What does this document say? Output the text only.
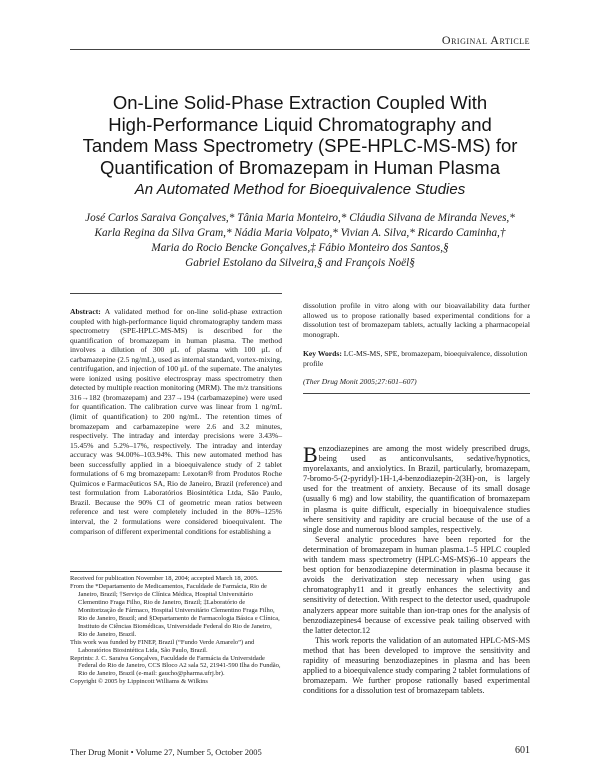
Original Article
On-Line Solid-Phase Extraction Coupled With
High-Performance Liquid Chromatography and
Tandem Mass Spectrometry (SPE-HPLC-MS-MS) for
Quantification of Bromazepam in Human Plasma
An Automated Method for Bioequivalence Studies
José Carlos Saraiva Gonçalves,* Tânia Maria Monteiro,* Cláudia Silvana de Miranda Neves,*
Karla Regina da Silva Gram,* Nádia Maria Volpato,* Vivian A. Silva,* Ricardo Caminha,†
Maria do Rocio Bencke Gonçalves,‡ Fábio Monteiro dos Santos,§
Gabriel Estolano da Silveira,§ and François Noël§
Abstract: A validated method for on-line solid-phase extraction coupled with high-performance liquid chromatography tandem mass spectrometry (SPE-HPLC-MS-MS) is described for the quantification of bromazepam in human plasma. The method involves a dilution of 300 μL of plasma with 100 μL of carbamazepine (2.5 ng/mL), used as internal standard, vortex-mixing, centrifugation, and injection of 100 μL of the supernate. The analytes were ionized using positive electrospray mass spectrometry then detected by multiple reaction monitoring (MRM). The m/z transitions 316→182 (bromazepam) and 237→194 (carbamazepine) were used for quantification. The calibration curve was linear from 1 ng/mL (limit of quantification) to 200 ng/mL. The retention times of bromazepam and carbamazepine were 2.6 and 3.2 minutes, respectively. The intraday and interday precisions were 3.43%–15.45% and 5.2%–17%, respectively. The intraday and interday accuracy was 94.00%–103.94%. This new automated method has been successfully applied in a bioequivalence study of 2 tablet formulations of 6 mg bromazepam: Lexotan® from Produtos Roche Químicos e Farmacêuticos SA, Rio de Janeiro, Brazil (reference) and test formulation from Laboratórios Biosintética Ltda, São Paulo, Brazil. Because the 90% CI of geometric mean ratios between reference and test were completely included in the 80%–125% interval, the 2 formulations were considered bioequivalent. The comparison of different experimental conditions for establishing a
dissolution profile in vitro along with our bioavailability data further allowed us to propose rationally based experimental conditions for a dissolution test of bromazepam tablets, actually lacking a pharmacopeial monograph.
Key Words: LC-MS-MS, SPE, bromazepam, bioequivalence, dissolution profile
(Ther Drug Monit 2005;27:601–607)

Benzodiazepines are among the most widely prescribed drugs, being used as anticonvulsants, sedative/hypnotics, myorelaxants, and anxiolytics. In Brazil, particularly, bromazepam, 7-bromo-5-(2-pyridyl)-1H-1,4-benzodiazepin-2(3H)-on, is largely used for the treatment of anxiety. Because of its small dosage (usually 6 mg) and low stability, the quantification of bromazepam in plasma is quite difficult, especially in bioequivalence studies where sensitivity and rapidity are crucial because of the use of a single dose and numerous blood samples, respectively.

Several analytic procedures have been reported for the determination of bromazepam in human plasma.1–5 HPLC coupled with tandem mass spectrometry (HPLC-MS-MS)6–10 appears the best option for benzodiazepine determination in plasma because it avoids the derivatization step necessary when using gas chromatography11 and it greatly enhances the selectivity and sensitivity of detection. With respect to the detector used, quadrupole analyzers appear more suitable than ion-trap ones for the analysis of benzodiazepines4 because of excessive peak tailing observed with the latter detector.12

This work reports the validation of an automated HPLC-MS-MS method that has been developed to improve the sensitivity and rapidity of measuring benzodiazepines in plasma and has been applied to a bioequivalence study comparing 2 tablet formulations of bromazepam. We further propose rationally based experimental conditions for a dissolution test of bromazepam tablets.

Received for publication November 18, 2004; accepted March 18, 2005.

From the *Departamento de Medicamentos, Faculdade de Farmácia, Rio de Janeiro, Brazil; †Serviço de Clínica Médica, Hospital Universitário Clementino Fraga Filho, Rio de Janeiro, Brazil; ‡Laboratório de Monitorização de Fármaco, Hospital Universitário Clementino Fraga Filho, Rio de Janeiro, Brazil; and §Departamento de Farmacologia Básica e Clínica, Instituto de Ciências Biomédicas, Universidade Federal do Rio de Janeiro, Rio de Janeiro, Brazil.

This work was funded by FINEP, Brazil (“Fundo Verde Amarelo”) and Laboratórios Biosintética Ltda, São Paulo, Brazil.

Reprints: J. C. Saraiva Gonçalves, Faculdade de Farmácia da Universidade Federal do Rio de Janeiro, CCS Bloco A2 sala 52, 21941-590 Ilha do Fundão, Rio de Janeiro, Brazil (e-mail: gaucho@pharma.ufrj.br).

Copyright © 2005 by Lippincott Williams & Wilkins

Ther Drug Monit • Volume 27, Number 5, October 2005	601
